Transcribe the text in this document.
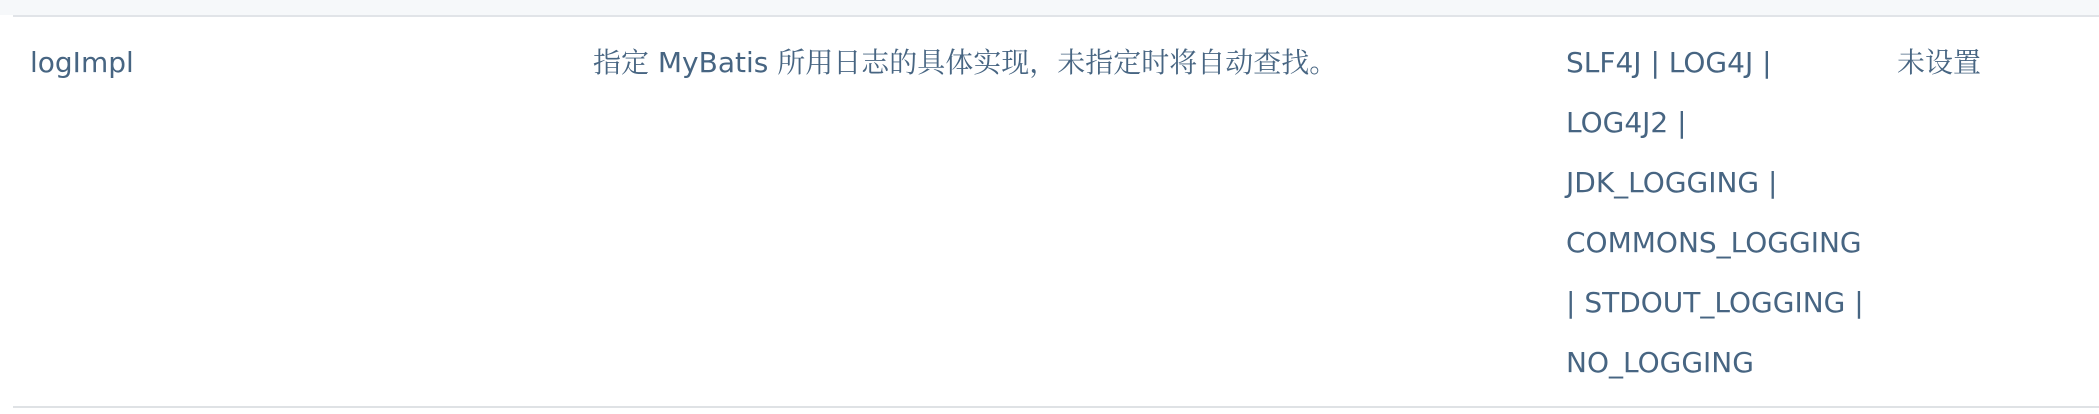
logImpl	指定 MyBatis 所用日志的具体实现，未指定时将自动查找。	SLF4J | LOG4J |
LOG4J2 |
JDK_LOGGING |
COMMONS_LOGGING
| STDOUT_LOGGING |
NO_LOGGING
未设置
